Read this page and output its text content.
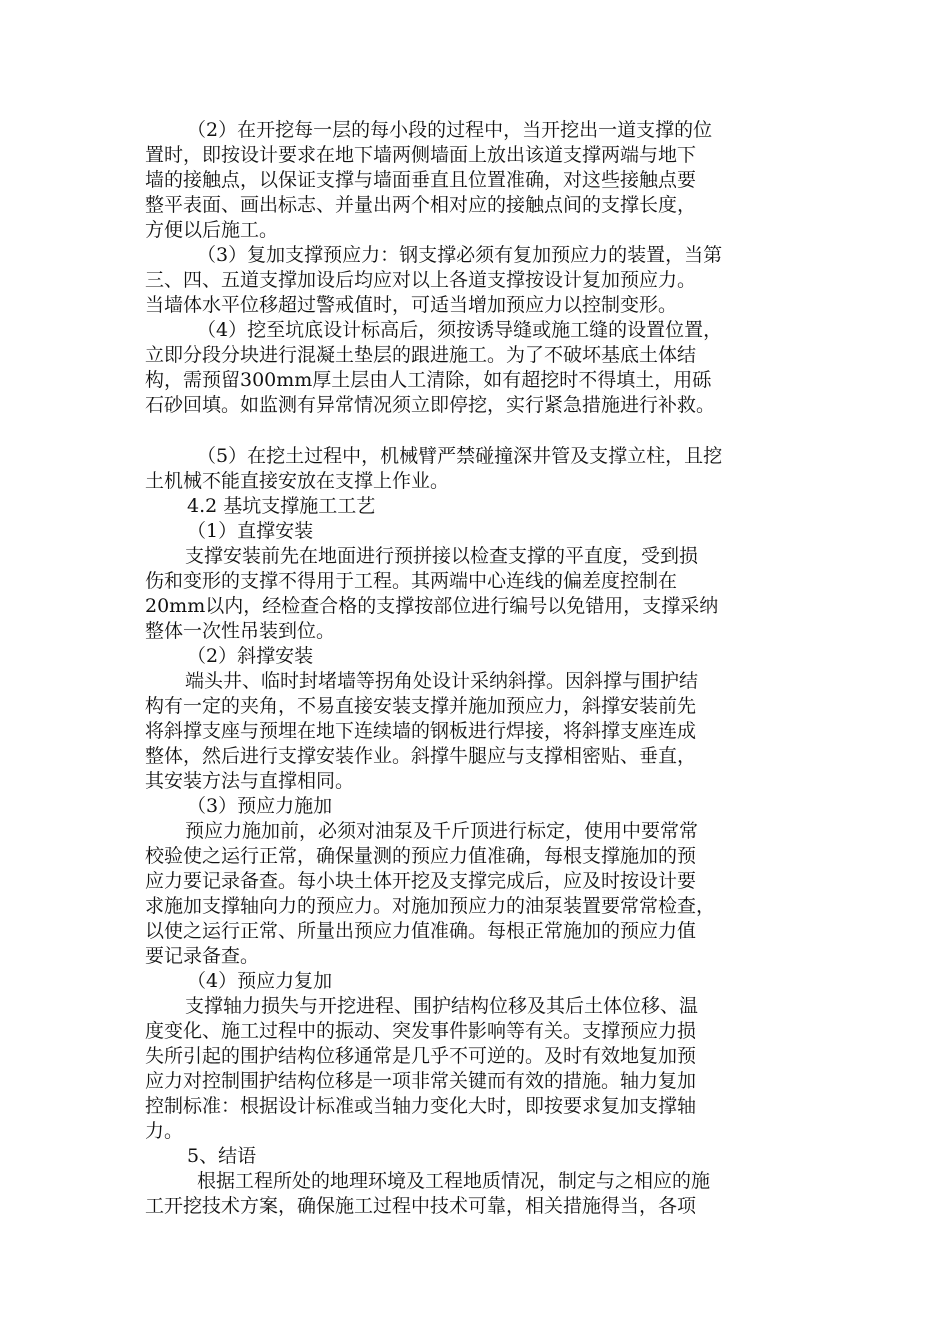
（2）在开挖每一层的每小段的过程中，当开挖出一道支撑的位
置时，即按设计要求在地下墙两侧墙面上放出该道支撑两端与地下
墙的接触点，以保证支撑与墙面垂直且位置准确，对这些接触点要
整平表面、画出标志、并量出两个相对应的接触点间的支撑长度，
方便以后施工。
（3）复加支撑预应力：钢支撑必须有复加预应力的装置，当第
三、四、五道支撑加设后均应对以上各道支撑按设计复加预应力。
当墙体水平位移超过警戒值时，可适当增加预应力以控制变形。
（4）挖至坑底设计标高后，须按诱导缝或施工缝的设置位置，
立即分段分块进行混凝土垫层的跟进施工。为了不破坏基底土体结
构，需预留300mm厚土层由人工清除，如有超挖时不得填土，用砾
石砂回填。如监测有异常情况须立即停挖，实行紧急措施进行补救。
（5）在挖土过程中，机械臂严禁碰撞深井管及支撑立柱，且挖
土机械不能直接安放在支撑上作业。
4.2 基坑支撑施工工艺
（1）直撑安装
支撑安装前先在地面进行预拼接以检查支撑的平直度，受到损
伤和变形的支撑不得用于工程。其两端中心连线的偏差度控制在
20mm以内，经检查合格的支撑按部位进行编号以免错用，支撑采纳
整体一次性吊装到位。
（2）斜撑安装
端头井、临时封堵墙等拐角处设计采纳斜撑。因斜撑与围护结
构有一定的夹角，不易直接安装支撑并施加预应力，斜撑安装前先
将斜撑支座与预埋在地下连续墙的钢板进行焊接，将斜撑支座连成
整体，然后进行支撑安装作业。斜撑牛腿应与支撑相密贴、垂直，
其安装方法与直撑相同。
（3）预应力施加
预应力施加前，必须对油泵及千斤顶进行标定，使用中要常常
校验使之运行正常，确保量测的预应力值准确，每根支撑施加的预
应力要记录备查。每小块土体开挖及支撑完成后，应及时按设计要
求施加支撑轴向力的预应力。对施加预应力的油泵装置要常常检查，
以使之运行正常、所量出预应力值准确。每根正常施加的预应力值
要记录备查。
（4）预应力复加
支撑轴力损失与开挖进程、围护结构位移及其后土体位移、温
度变化、施工过程中的振动、突发事件影响等有关。支撑预应力损
失所引起的围护结构位移通常是几乎不可逆的。及时有效地复加预
应力对控制围护结构位移是一项非常关键而有效的措施。轴力复加
控制标准：根据设计标准或当轴力变化大时，即按要求复加支撑轴
力。
5、结语
根据工程所处的地理环境及工程地质情况，制定与之相应的施
工开挖技术方案，确保施工过程中技术可靠，相关措施得当，各项
